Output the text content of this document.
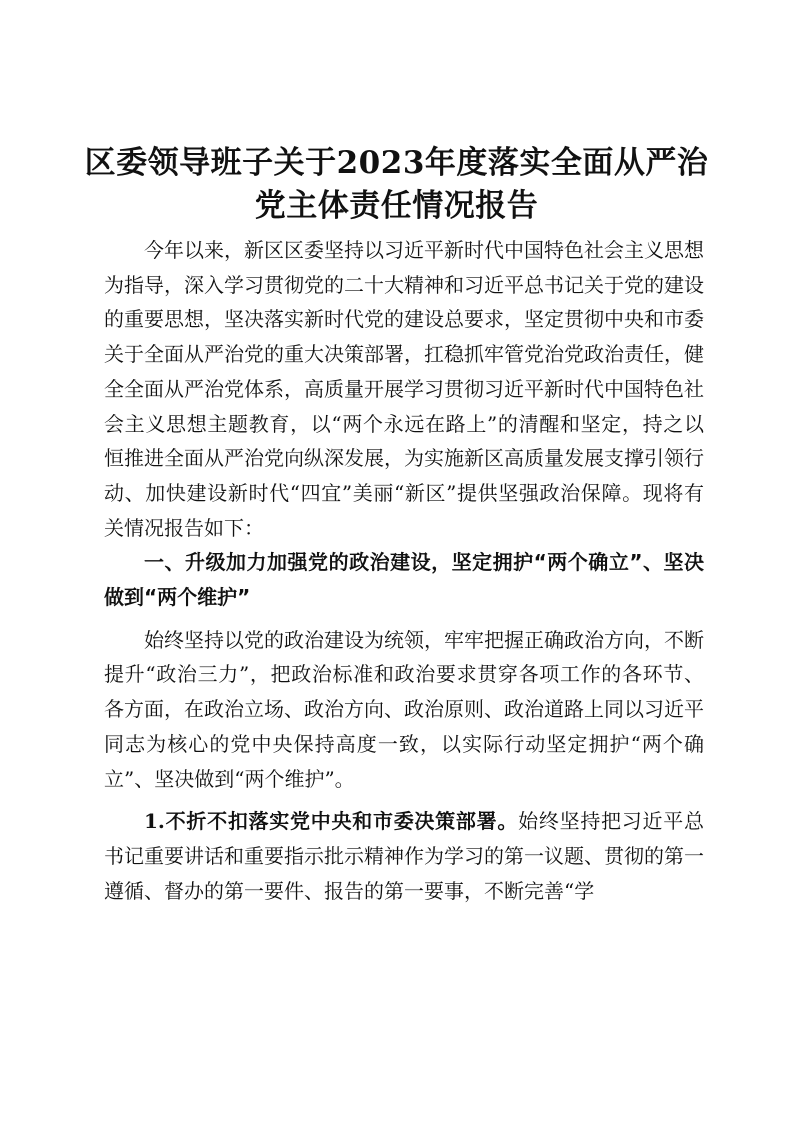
区委领导班子关于2023年度落实全面从严治
党主体责任情况报告

今年以来，新区区委坚持以习近平新时代中国特色社会主义思想为指导，深入学习贯彻党的二十大精神和习近平总书记关于党的建设的重要思想，坚决落实新时代党的建设总要求，坚定贯彻中央和市委关于全面从严治党的重大决策部署，扛稳抓牢管党治党政治责任，健全全面从严治党体系，高质量开展学习贯彻习近平新时代中国特色社会主义思想主题教育，以“两个永远在路上”的清醒和坚定，持之以恒推进全面从严治党向纵深发展，为实施新区高质量发展支撑引领行动、加快建设新时代“四宜”美丽“新区”提供坚强政治保障。现将有关情况报告如下：

一、升级加力加强党的政治建设，坚定拥护“两个确立”、坚决做到“两个维护”

始终坚持以党的政治建设为统领，牢牢把握正确政治方向，不断提升“政治三力”，把政治标准和政治要求贯穿各项工作的各环节、各方面，在政治立场、政治方向、政治原则、政治道路上同以习近平同志为核心的党中央保持高度一致，以实际行动坚定拥护“两个确立”、坚决做到“两个维护”。

1.不折不扣落实党中央和市委决策部署。始终坚持把习近平总书记重要讲话和重要指示批示精神作为学习的第一议题、贯彻的第一遵循、督办的第一要件、报告的第一要事，不断完善“学
